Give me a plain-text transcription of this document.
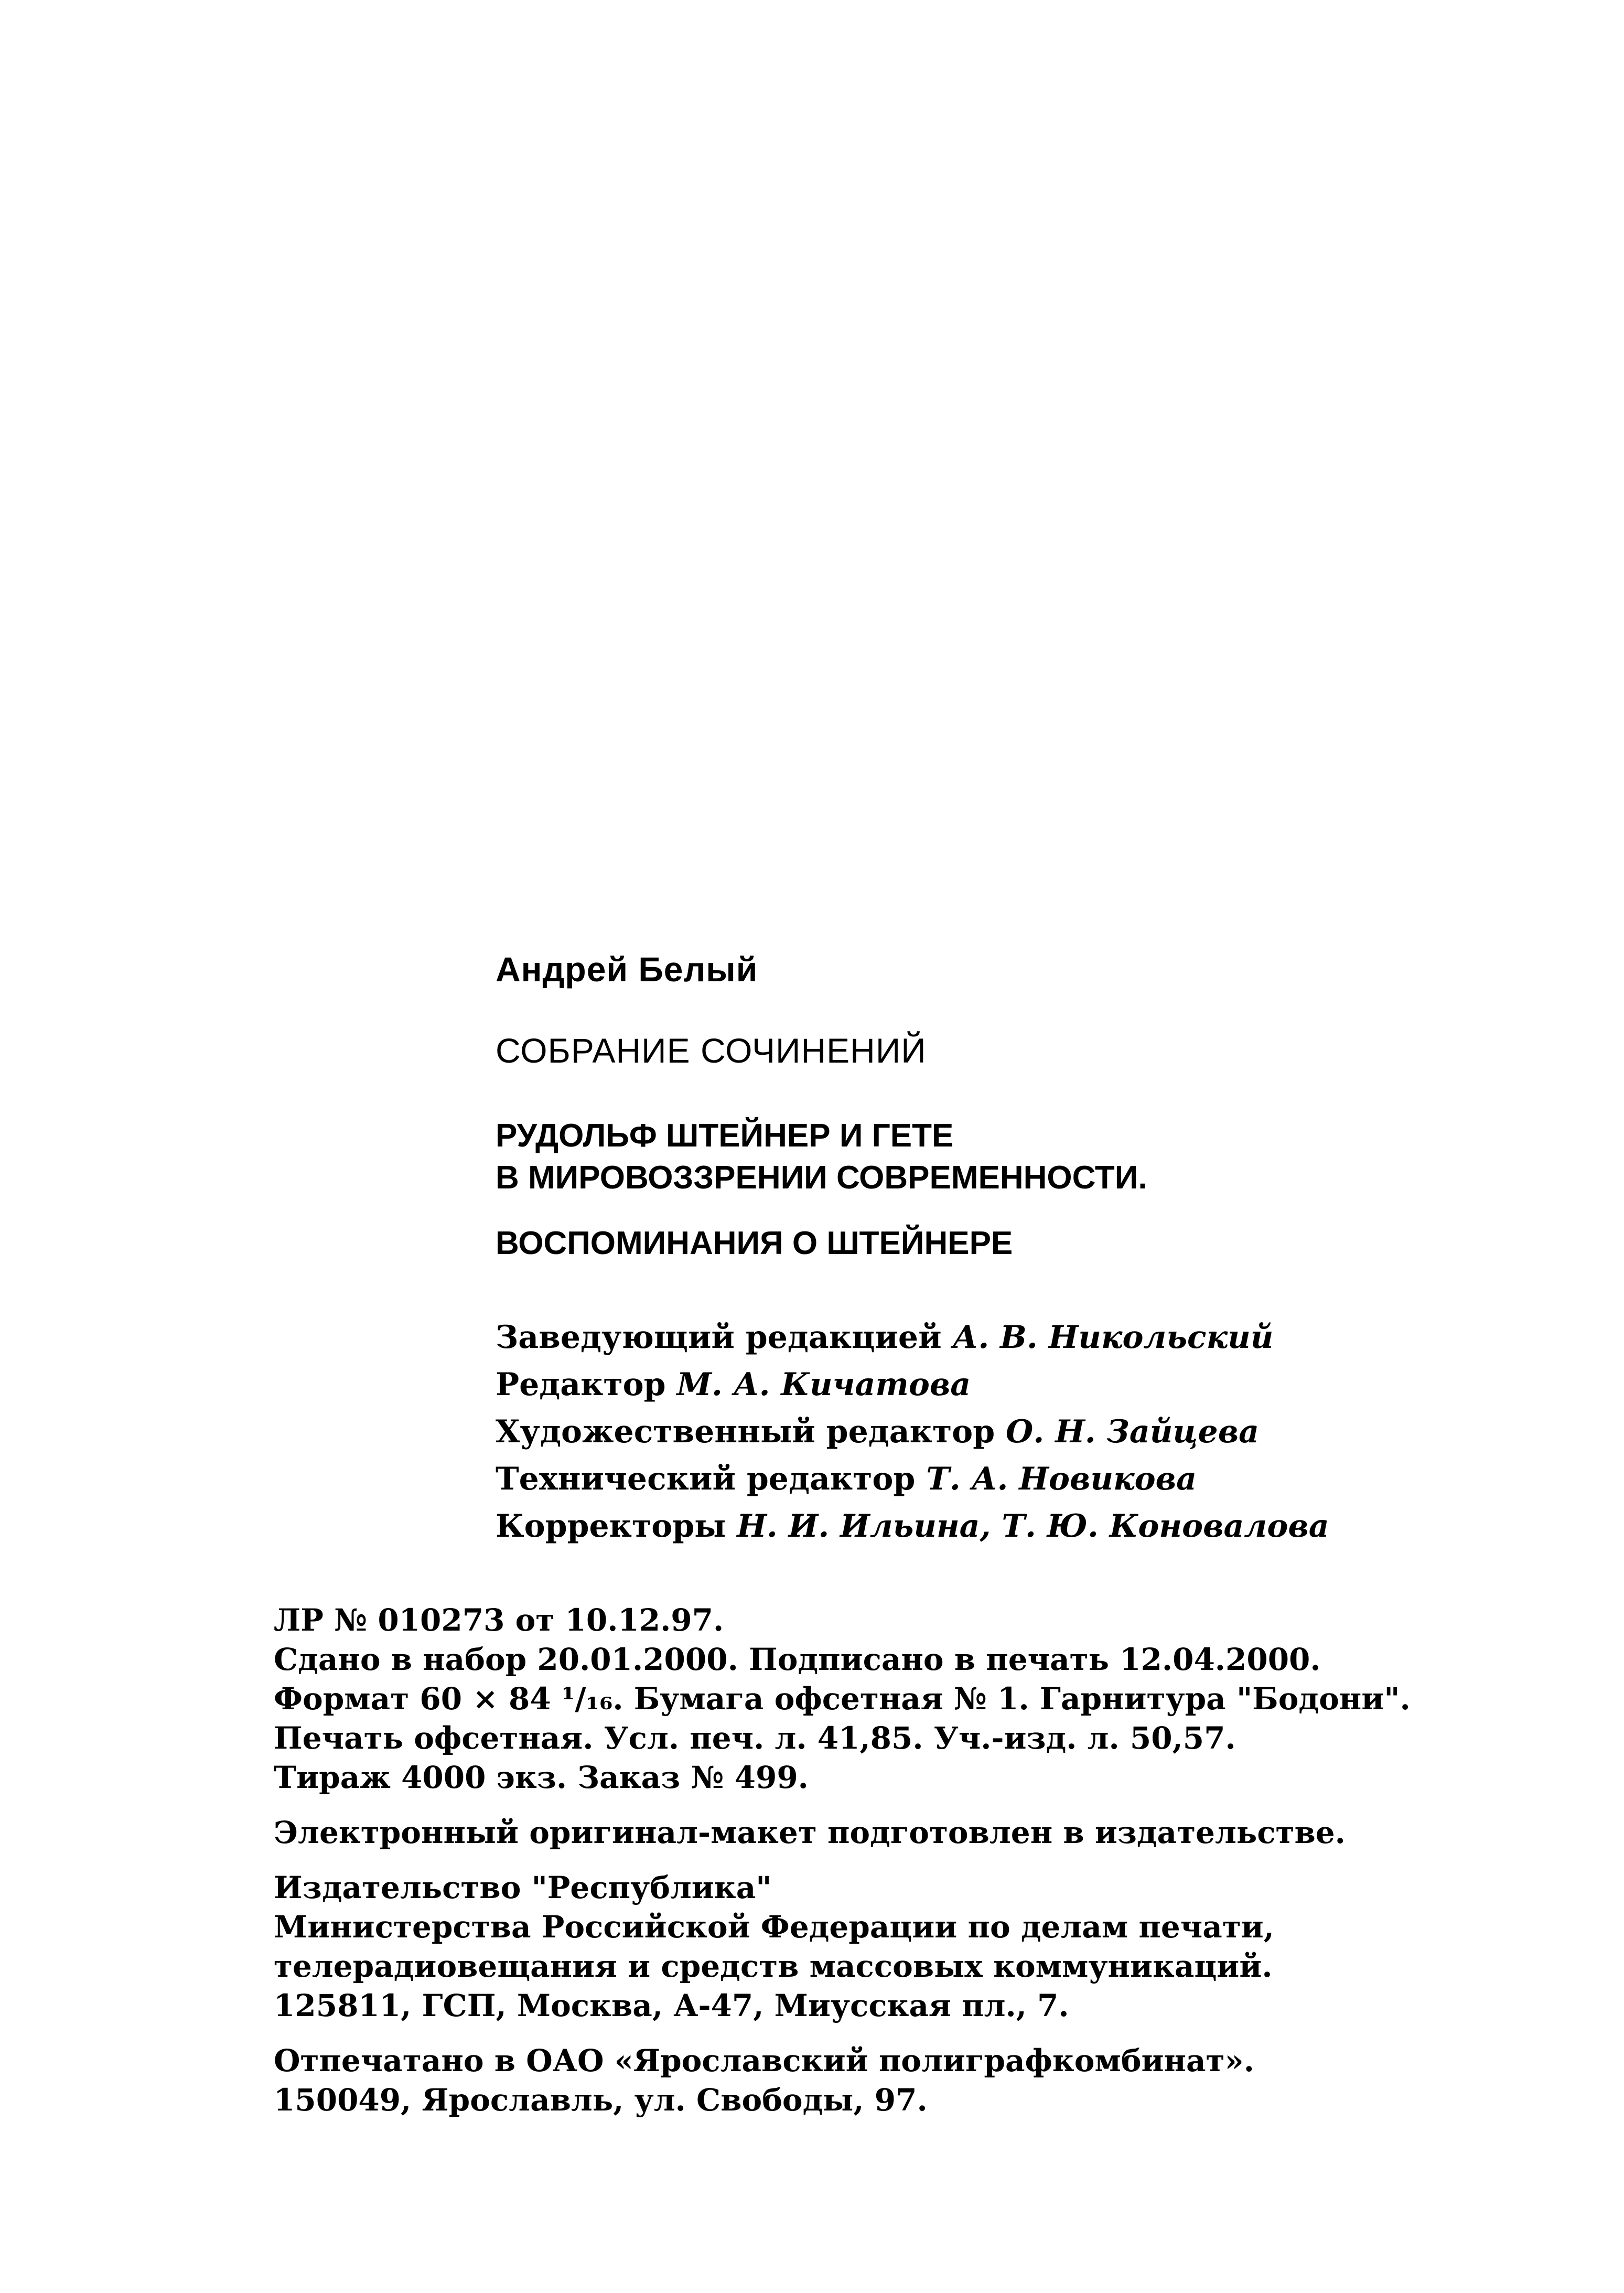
Андрей Белый

СОБРАНИЕ СОЧИНЕНИЙ

РУДОЛЬФ ШТЕЙНЕР И ГЕТЕ

В МИРОВОЗЗРЕНИИ СОВРЕМЕННОСТИ.

ВОСПОМИНАНИЯ О ШТЕЙНЕРЕ

Заведующий редакцией А. В. Никольский

Редактор М. А. Кичатова

Художественный редактор О. Н. Зайцева

Технический редактор Т. А. Новикова

Корректоры Н. И. Ильина, Т. Ю. Коновалова

ЛР № 010273 от 10.12.97.

Сдано в набор 20.01.2000. Подписано в печать 12.04.2000.

Формат 60 × 84 ¹/₁₆. Бумага офсетная № 1. Гарнитура "Бодони".

Печать офсетная. Усл. печ. л. 41,85. Уч.-изд. л. 50,57.

Тираж 4000 экз. Заказ № 499.

Электронный оригинал-макет подготовлен в издательстве.

Издательство "Республика"

Министерства Российской Федерации по делам печати,

телерадиовещания и средств массовых коммуникаций.

125811, ГСП, Москва, А-47, Миусская пл., 7.

Отпечатано в ОАО «Ярославский полиграфкомбинат».

150049, Ярославль, ул. Свободы, 97.
